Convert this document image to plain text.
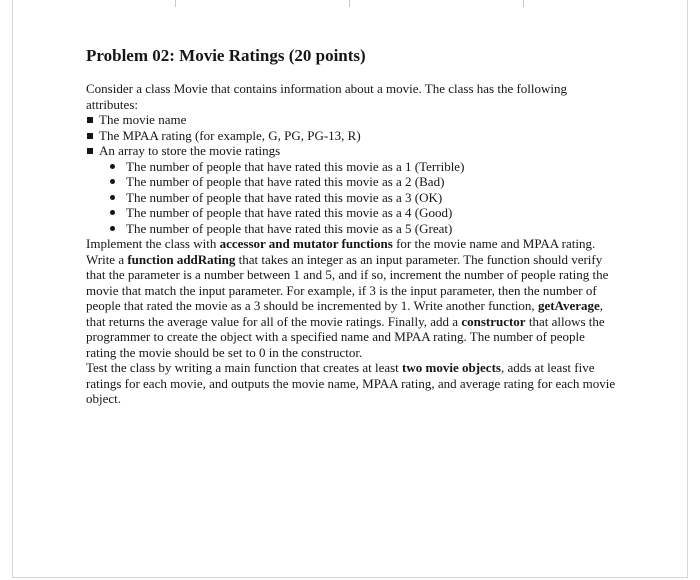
Problem 02: Movie Ratings (20 points)

Consider a class Movie that contains information about a movie. The class has the following attributes:

The movie name
The MPAA rating (for example, G, PG, PG-13, R)
An array to store the movie ratings
The number of people that have rated this movie as a 1 (Terrible)
The number of people that have rated this movie as a 2 (Bad)
The number of people that have rated this movie as a 3 (OK)
The number of people that have rated this movie as a 4 (Good)
The number of people that have rated this movie as a 5 (Great)

Implement the class with accessor and mutator functions for the movie name and MPAA rating. Write a function addRating that takes an integer as an input parameter. The function should verify that the parameter is a number between 1 and 5, and if so, increment the number of people rating the movie that match the input parameter. For example, if 3 is the input parameter, then the number of people that rated the movie as a 3 should be incremented by 1. Write another function, getAverage, that returns the average value for all of the movie ratings. Finally, add a constructor that allows the programmer to create the object with a specified name and MPAA rating. The number of people rating the movie should be set to 0 in the constructor.

Test the class by writing a main function that creates at least two movie objects, adds at least five ratings for each movie, and outputs the movie name, MPAA rating, and average rating for each movie object.
